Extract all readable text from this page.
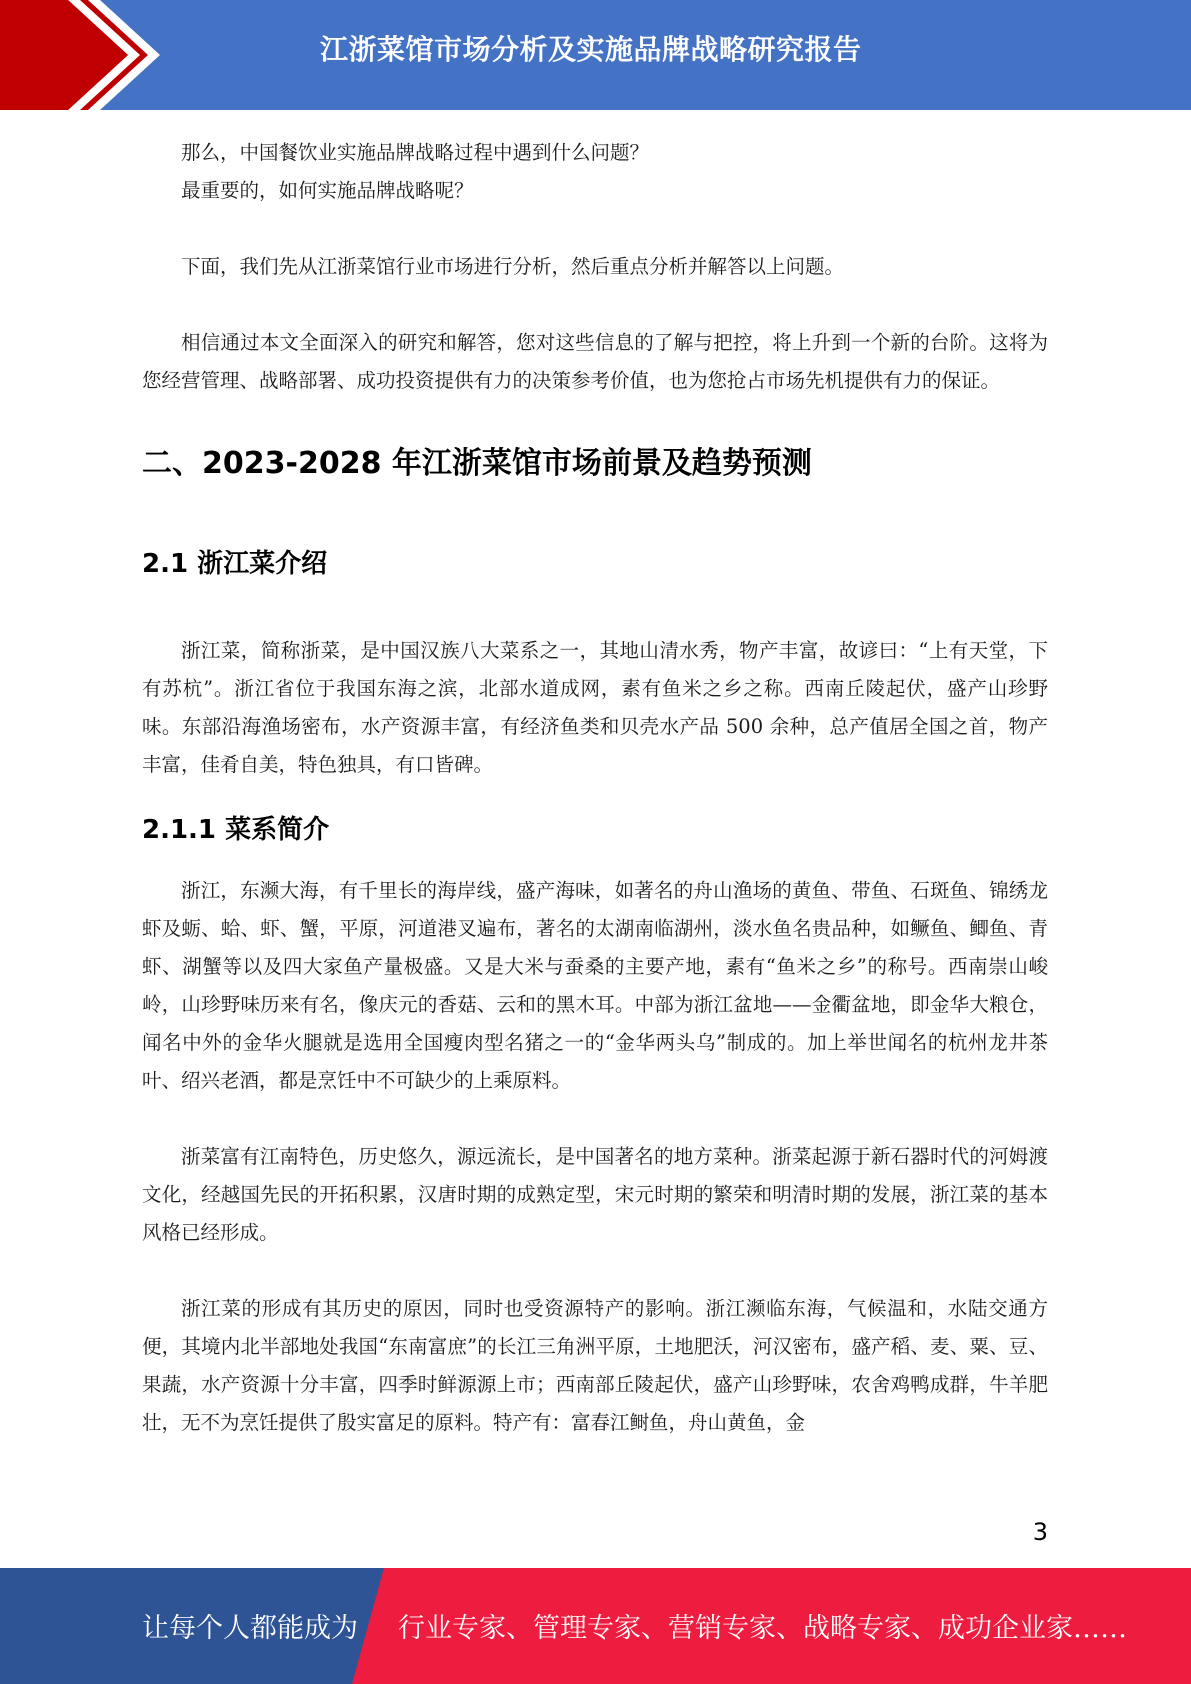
江浙菜馆市场分析及实施品牌战略研究报告

那么，中国餐饮业实施品牌战略过程中遇到什么问题？

最重要的，如何实施品牌战略呢？

下面，我们先从江浙菜馆行业市场进行分析，然后重点分析并解答以上问题。

相信通过本文全面深入的研究和解答，您对这些信息的了解与把控，将上升到一个新的台阶。这将为您经营管理、战略部署、成功投资提供有力的决策参考价值，也为您抢占市场先机提供有力的保证。

二、2023-2028 年江浙菜馆市场前景及趋势预测
2.1 浙江菜介绍

浙江菜，简称浙菜，是中国汉族八大菜系之一，其地山清水秀，物产丰富，故谚曰：“上有天堂，下有苏杭”。浙江省位于我国东海之滨，北部水道成网，素有鱼米之乡之称。西南丘陵起伏，盛产山珍野味。东部沿海渔场密布，水产资源丰富，有经济鱼类和贝壳水产品 500 余种，总产值居全国之首，物产丰富，佳肴自美，特色独具，有口皆碑。

2.1.1 菜系简介

浙江，东濒大海，有千里长的海岸线，盛产海味，如著名的舟山渔场的黄鱼、带鱼、石斑鱼、锦绣龙虾及蛎、蛤、虾、蟹，平原，河道港叉遍布，著名的太湖南临湖州，淡水鱼名贵品种，如鳜鱼、鲫鱼、青虾、湖蟹等以及四大家鱼产量极盛。又是大米与蚕桑的主要产地，素有“鱼米之乡”的称号。西南崇山峻岭，山珍野味历来有名，像庆元的香菇、云和的黑木耳。中部为浙江盆地——金衢盆地，即金华大粮仓，闻名中外的金华火腿就是选用全国瘦肉型名猪之一的“金华两头乌”制成的。加上举世闻名的杭州龙井茶叶、绍兴老酒，都是烹饪中不可缺少的上乘原料。

浙菜富有江南特色，历史悠久，源远流长，是中国著名的地方菜种。浙菜起源于新石器时代的河姆渡文化，经越国先民的开拓积累，汉唐时期的成熟定型，宋元时期的繁荣和明清时期的发展，浙江菜的基本风格已经形成。

浙江菜的形成有其历史的原因，同时也受资源特产的影响。浙江濒临东海，气候温和，水陆交通方便，其境内北半部地处我国“东南富庶”的长江三角洲平原，土地肥沃，河汉密布，盛产稻、麦、粟、豆、果蔬，水产资源十分丰富，四季时鲜源源上市；西南部丘陵起伏，盛产山珍野味，农舍鸡鸭成群，牛羊肥壮，无不为烹饪提供了殷实富足的原料。特产有：富春江鲥鱼，舟山黄鱼，金

3
让每个人都能成为 行业专家、管理专家、营销专家、战略专家、成功企业家……
